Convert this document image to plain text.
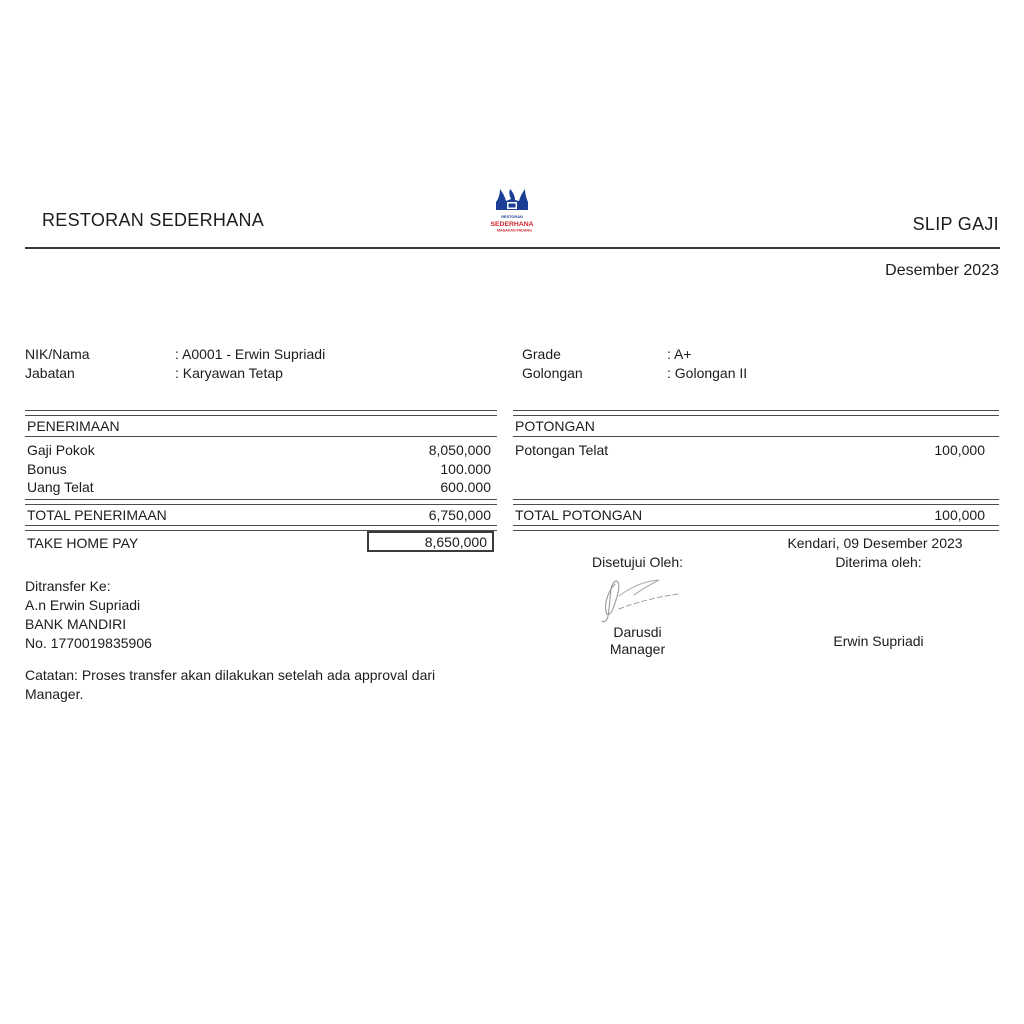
RESTORAN SEDERHANA	RESTORAN
SEDERHANA
MASAKAN PADANG	SLIP GAJI
Desember 2023
NIK/Nama	: A0001 - Erwin Supriadi
Jabatan	: Karyawan Tetap
Grade	: A+
Golongan	: Golongan II
PENERIMAAN
Gaji Pokok	8,050,000
Bonus	100.000
Uang Telat	600.000
TOTAL PENERIMAAN	6,750,000
POTONGAN
Potongan Telat	100,000
TOTAL POTONGAN	100,000
TAKE HOME PAY	8,650,000
Ditransfer Ke:
A.n Erwin Supriadi
BANK MANDIRI
No. 1770019835906
Catatan: Proses transfer akan dilakukan setelah ada approval dari Manager.
Kendari, 09 Desember 2023
Disetujui Oleh:
Darusdi
Manager
Diterima oleh:
Erwin Supriadi
